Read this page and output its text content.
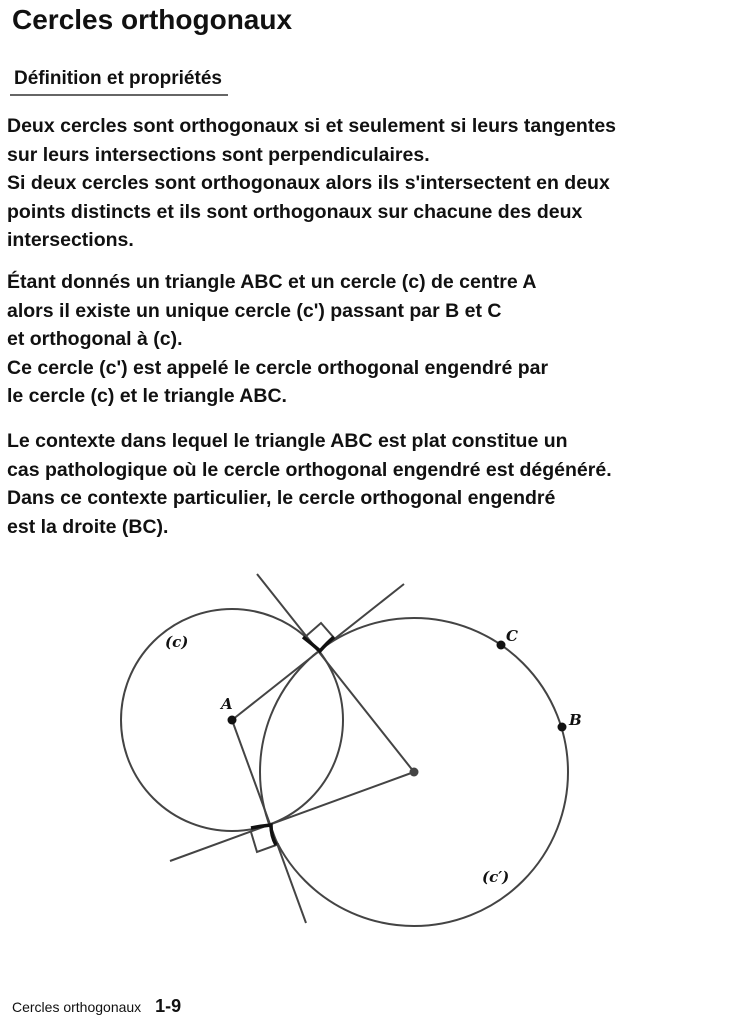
Cercles orthogonaux
Définition et propriétés

Deux cercles sont orthogonaux si et seulement si leurs tangentes
sur leurs intersections sont perpendiculaires.
Si deux cercles sont orthogonaux alors ils s'intersectent en deux
points distincts et ils sont orthogonaux sur chacune des deux
intersections.

Étant donnés un triangle ABC et un cercle (c) de centre A
alors il existe un unique cercle (c') passant par B et C
et orthogonal à (c).
Ce cercle (c') est appelé le cercle orthogonal engendré par
le cercle (c) et le triangle ABC.

Le contexte dans lequel le triangle ABC est plat constitue un
cas pathologique où le cercle orthogonal engendré est dégénéré.
Dans ce contexte particulier, le cercle orthogonal engendré
est la droite (BC).

(c)
(c′)
A
B
C
Cercles orthogonaux 1-9
